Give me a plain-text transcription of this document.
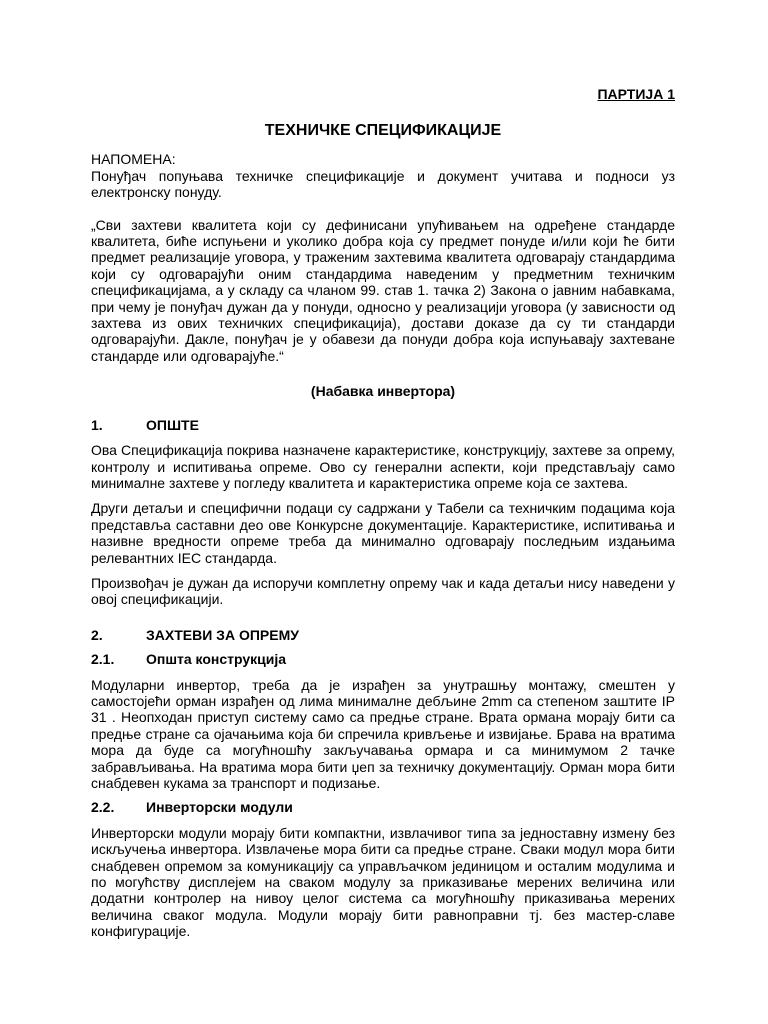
ПАРТИЈА 1

ТЕХНИЧКЕ СПЕЦИФИКАЦИЈЕ

НАПОМЕНА:

Понуђач попуњава техничке спецификације и документ учитава и подноси уз електронску понуду.

„Сви захтеви квалитета који су дефинисани упућивањем на одређене стандарде квалитета, биће испуњени и уколико добра која су предмет понуде и/или који ће бити предмет реализације уговора, у траженим захтевима квалитета одговарају стандардима који су одговарајући оним стандардима наведеним у предметним техничким спецификацијама, а у складу са чланом 99. став 1. тачка 2) Закона о јавним набавкама, при чему је понуђач дужан да у понуди, односно у реализацији уговора (у зависности од захтева из ових техничких спецификација), достави доказе да су ти стандарди одговарајући. Дакле, понуђач је у обавези да понуди добра која испуњавају захтеване стандарде или одговарајуће.“

(Набавка инвертора)

1.	ОПШТЕ

Ова Спецификација покрива назначене карактеристике, конструкцију, захтеве за опрему, контролу и испитивања опреме. Ово су генерални аспекти, који представљају само минималне захтеве у погледу квалитета и карактеристика опреме која се захтева.

Други детаљи и специфични подаци су садржани у Табели са техничким подацима која представља саставни део ове Конкурсне документације. Карактеристике, испитивања и називне вредности опреме треба да минимално одговарају последњим издањима релевантних IEC стандарда.

Произвођач је дужан да испоручи комплетну опрему чак и када детаљи нису наведени у овој спецификацији.

2.	ЗАХТЕВИ ЗА ОПРЕМУ
2.1.	Општа конструкција

Модуларни инвертор, треба да је израђен за унутрашњу монтажу, смештен у самостојећи орман израђен од лима минималне дебљине 2mm са степеном заштите IP 31 . Неопходан приступ систему само са предње стране. Врата ормана морају бити са предње стране са ојачањима која би спречила кривљење и извијање. Брава на вратима мора да буде са могућношћу закључавања ормара и са минимумом 2 тачке забрављивања. На вратима мора бити џеп за техничку документацију. Орман мора бити снабдевен кукама за транспорт и подизање.

2.2.	Инверторски модули

Инверторски модули морају бити компактни, извлачивог типа за једноставну измену без искључења инвертора. Извлачење мора бити са предње стране. Сваки модул мора бити снабдевен опремом за комуникацију са управљачком јединицом и осталим модулима и по могућству дисплејем на сваком модулу за приказивање мерених величина или додатни контролер на нивоу целог система са могућношћу приказивања мерених величина сваког модула. Модули морају бити равноправни тј. без мастер-славе конфигурације.
